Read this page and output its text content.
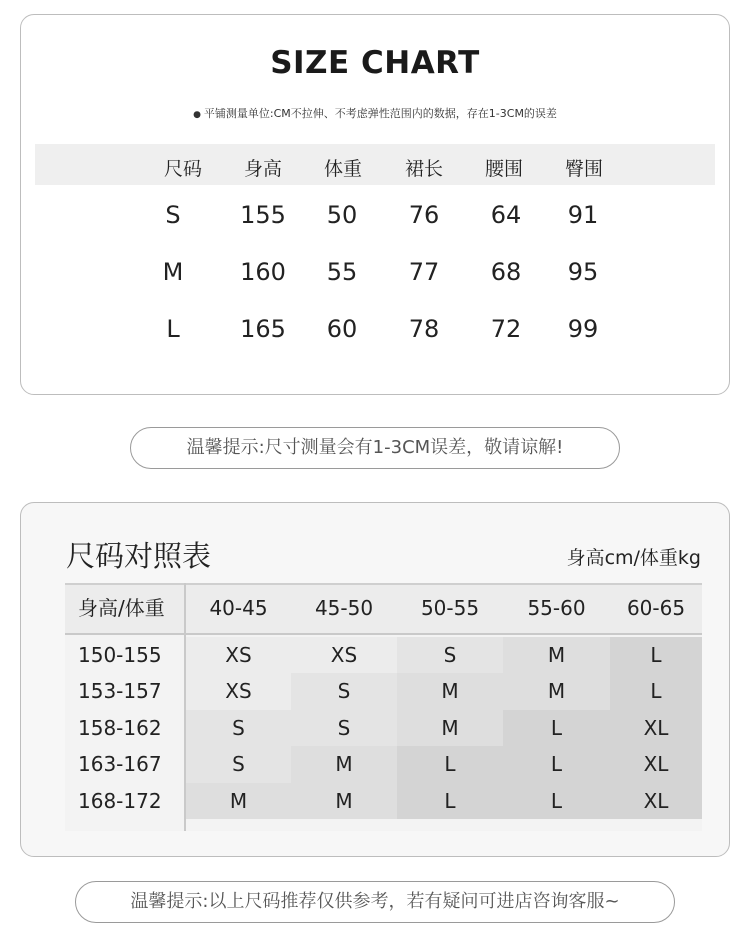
SIZE CHART
● 平铺测量单位:CM不拉伸、不考虑弹性范围内的数据，存在1-3CM的误差
尺码	身高	体重	裙长	腰围	臀围
S	155	50	76	64	91
M	160	55	77	68	95
L	165	60	78	72	99
温馨提示:尺寸测量会有1-3CM误差，敬请谅解!
尺码对照表	身高cm/体重kg
身高/体重	40-45	45-50	50-55	55-60	60-65
150-155	XS	XS	S	M	L
153-157	XS	S	M	M	L
158-162	S	S	M	L	XL
163-167	S	M	L	L	XL
168-172	M	M	L	L	XL
温馨提示:以上尺码推荐仅供参考，若有疑问可进店咨询客服~
